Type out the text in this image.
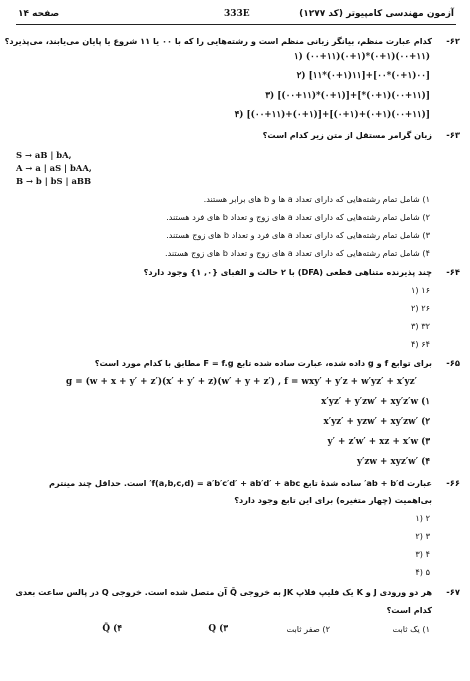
آزمون مهندسی کامپیوتر (کد ۱۲۷۷)
333E
صفحه ۱۴
-۶۲
کدام عبارت منظم، بیانگر زبانی منظم است و رشته‌هایی را که با ۰۰ یا ۱۱ شروع یا پایان می‌یابند، می‌پذیرد؟
(۰۰+۱۱)(۰+۱)*(۰+۱)(۰۰+۱۱) (۱
[۰۰(۰+۱)*۰۰]+[۱۱(۰+۱)*۱۱] (۲
[(۰۰+۱۱)(۰+۱)*]+[(۰+۱)*(۰۰+۱۱)] (۳
[(۰۰+۱۱)(۰+۱)+(۰+۱)]+[(۰+۱)+(۰۰+۱۱)] (۴
-۶۳
زبان گرامر مستقل از متن زیر کدام است؟
S → aB | bA,
A → a | aS | bAA,
B → b | bS | aBB
۱) شامل تمام رشته‌هایی که دارای تعداد a ها و b های برابر هستند.
۲) شامل تمام رشته‌هایی که دارای تعداد a های زوج و تعداد b های فرد هستند.
۳) شامل تمام رشته‌هایی که دارای تعداد a های فرد و تعداد b های زوج هستند.
۴) شامل تمام رشته‌هایی که دارای تعداد a های زوج و تعداد b های زوج هستند.
-۶۴
چند پذیرنده متناهی قطعی (DFA) با ۲ حالت و الفبای {۰, ۱} وجود دارد؟
۱۶ (۱
۲۶ (۲
۳۲ (۳
۶۴ (۴
-۶۵
برای توابع f و g داده شده، عبارت ساده شده تابع F = f.g مطابق با کدام مورد است؟
g = (w + x + y′ + z′)(x′ + y′ + z)(w′ + y + z′) , f = wxy′ + y′z + w′yz′ + x′yz′
x′yz′ + y′zw′ + xy′z′w (۱
x′yz′ + yzw′ + xy′zw′ (۲
y′ + z′w′ + xz + x′w (۳
y′zw + xyz′w′ (۴
-۶۶
عبارت ab + b′d′ ساده شدهٔ تابع f(a,b,c,d) = a′b′c′d′ + ab′d′ + abc′ است. حداقل چند مینترم
بی‌اهمیت (چهار متغیره) برای این تابع وجود دارد؟
۲ (۱
۳ (۲
۴ (۳
۵ (۴
-۶۷
هر دو ورودی J و K یک فلیپ فلاپ JK به خروجی Q̄ آن متصل شده است. خروجی Q در پالس ساعت بعدی
کدام است؟
۱) یک ثابت
۲) صفر ثابت
Q (۳
Q̄ (۴
